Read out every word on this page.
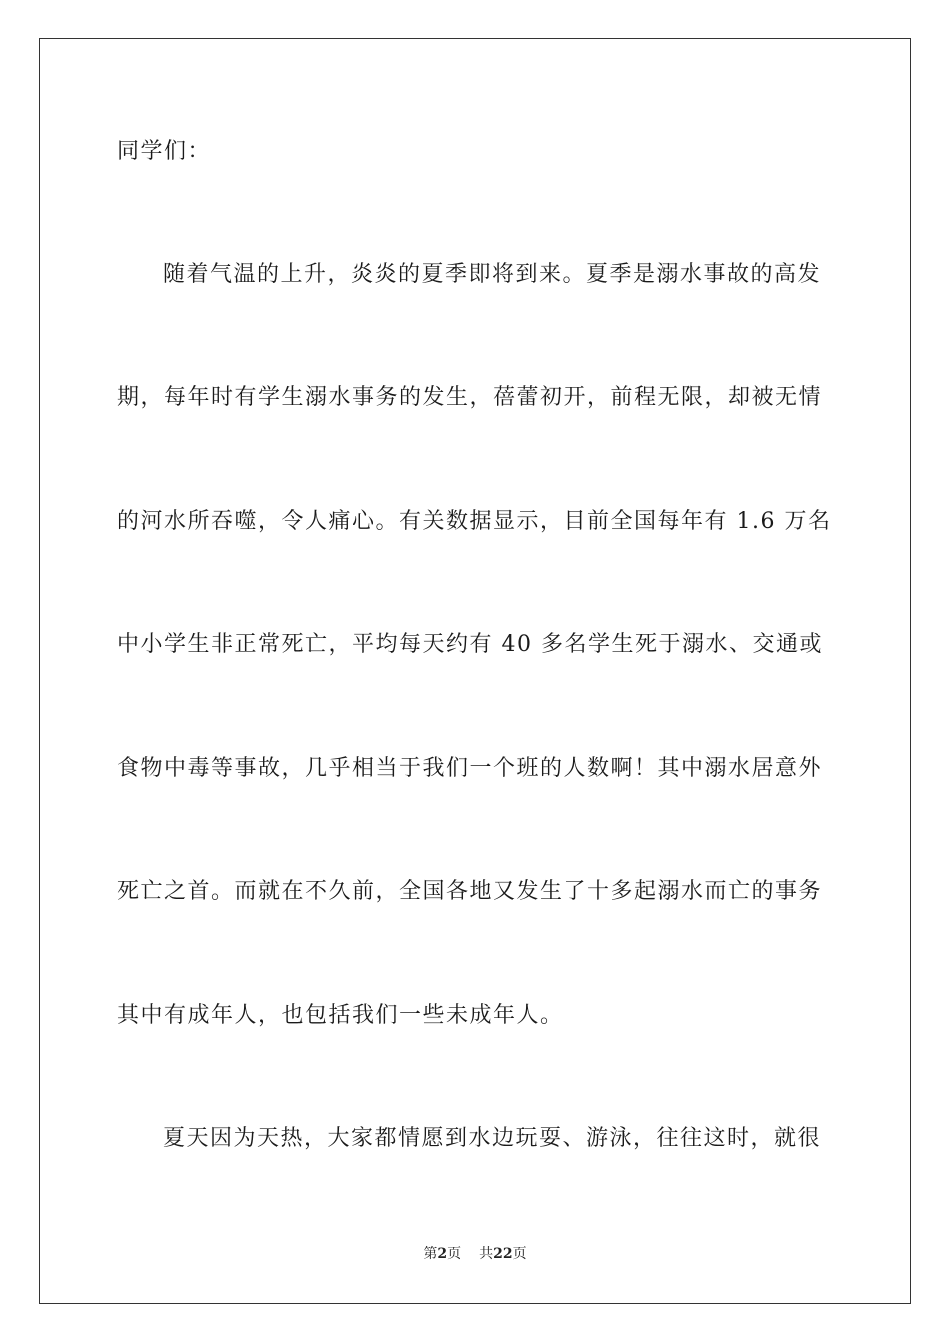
同学们：
随着气温的上升，炎炎的夏季即将到来。夏季是溺水事故的高发
期，每年时有学生溺水事务的发生，蓓蕾初开，前程无限，却被无情
的河水所吞噬，令人痛心。有关数据显示，目前全国每年有 1.6 万名
中小学生非正常死亡，平均每天约有 40 多名学生死于溺水、交通或
食物中毒等事故，几乎相当于我们一个班的人数啊！其中溺水居意外
死亡之首。而就在不久前，全国各地又发生了十多起溺水而亡的事务
其中有成年人，也包括我们一些未成年人。
夏天因为天热，大家都情愿到水边玩耍、游泳，往往这时，就很
第2页 共22页
